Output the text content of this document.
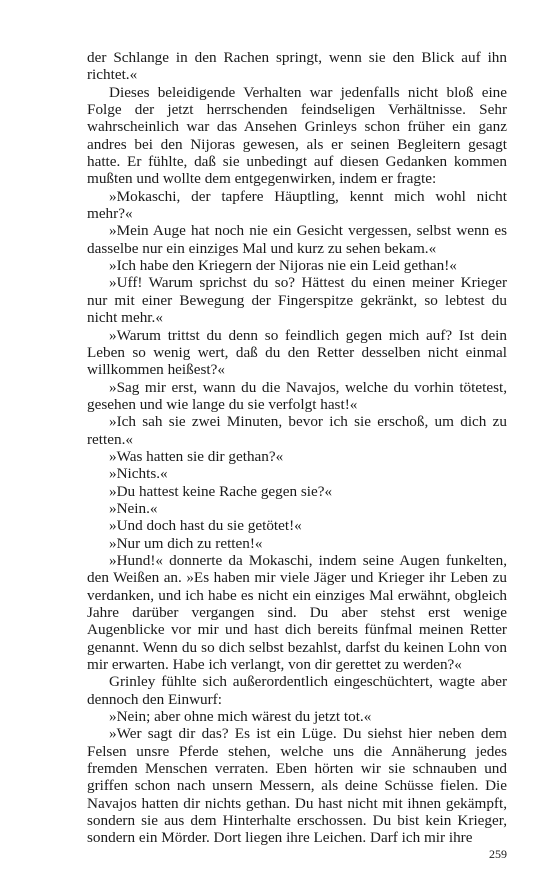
der Schlange in den Rachen springt, wenn sie den Blick auf ihn richtet.«

Dieses beleidigende Verhalten war jedenfalls nicht bloß eine Folge der jetzt herrschenden feindseligen Verhältnisse. Sehr wahrscheinlich war das Ansehen Grinleys schon früher ein ganz andres bei den Nijoras gewesen, als er seinen Begleitern gesagt hatte. Er fühlte, daß sie unbedingt auf diesen Gedanken kommen mußten und wollte dem entgegenwirken, indem er fragte:

»Mokaschi, der tapfere Häuptling, kennt mich wohl nicht mehr?«

»Mein Auge hat noch nie ein Gesicht vergessen, selbst wenn es dasselbe nur ein einziges Mal und kurz zu sehen bekam.«

»Ich habe den Kriegern der Nijoras nie ein Leid gethan!«

»Uff! Warum sprichst du so? Hättest du einen meiner Krieger nur mit einer Bewegung der Fingerspitze gekränkt, so lebtest du nicht mehr.«

»Warum trittst du denn so feindlich gegen mich auf? Ist dein Leben so wenig wert, daß du den Retter desselben nicht einmal willkommen heißest?«

»Sag mir erst, wann du die Navajos, welche du vorhin tötetest, gesehen und wie lange du sie verfolgt hast!«

»Ich sah sie zwei Minuten, bevor ich sie erschoß, um dich zu retten.«

»Was hatten sie dir gethan?«

»Nichts.«

»Du hattest keine Rache gegen sie?«

»Nein.«

»Und doch hast du sie getötet!«

»Nur um dich zu retten!«

»Hund!« donnerte da Mokaschi, indem seine Augen funkelten, den Weißen an. »Es haben mir viele Jäger und Krieger ihr Leben zu verdanken, und ich habe es nicht ein einziges Mal erwähnt, obgleich Jahre darüber vergangen sind. Du aber stehst erst wenige Augenblicke vor mir und hast dich bereits fünfmal meinen Retter genannt. Wenn du so dich selbst bezahlst, darfst du keinen Lohn von mir erwarten. Habe ich verlangt, von dir gerettet zu werden?«

Grinley fühlte sich außerordentlich eingeschüchtert, wagte aber dennoch den Einwurf:

»Nein; aber ohne mich wärest du jetzt tot.«

»Wer sagt dir das? Es ist ein Lüge. Du siehst hier neben dem Felsen unsre Pferde stehen, welche uns die Annäherung jedes fremden Menschen verraten. Eben hörten wir sie schnauben und griffen schon nach unsern Messern, als deine Schüsse fielen. Die Navajos hatten dir nichts gethan. Du hast nicht mit ihnen gekämpft, sondern sie aus dem Hinterhalte erschossen. Du bist kein Krieger, sondern ein Mörder. Dort liegen ihre Leichen. Darf ich mir ihre

259
